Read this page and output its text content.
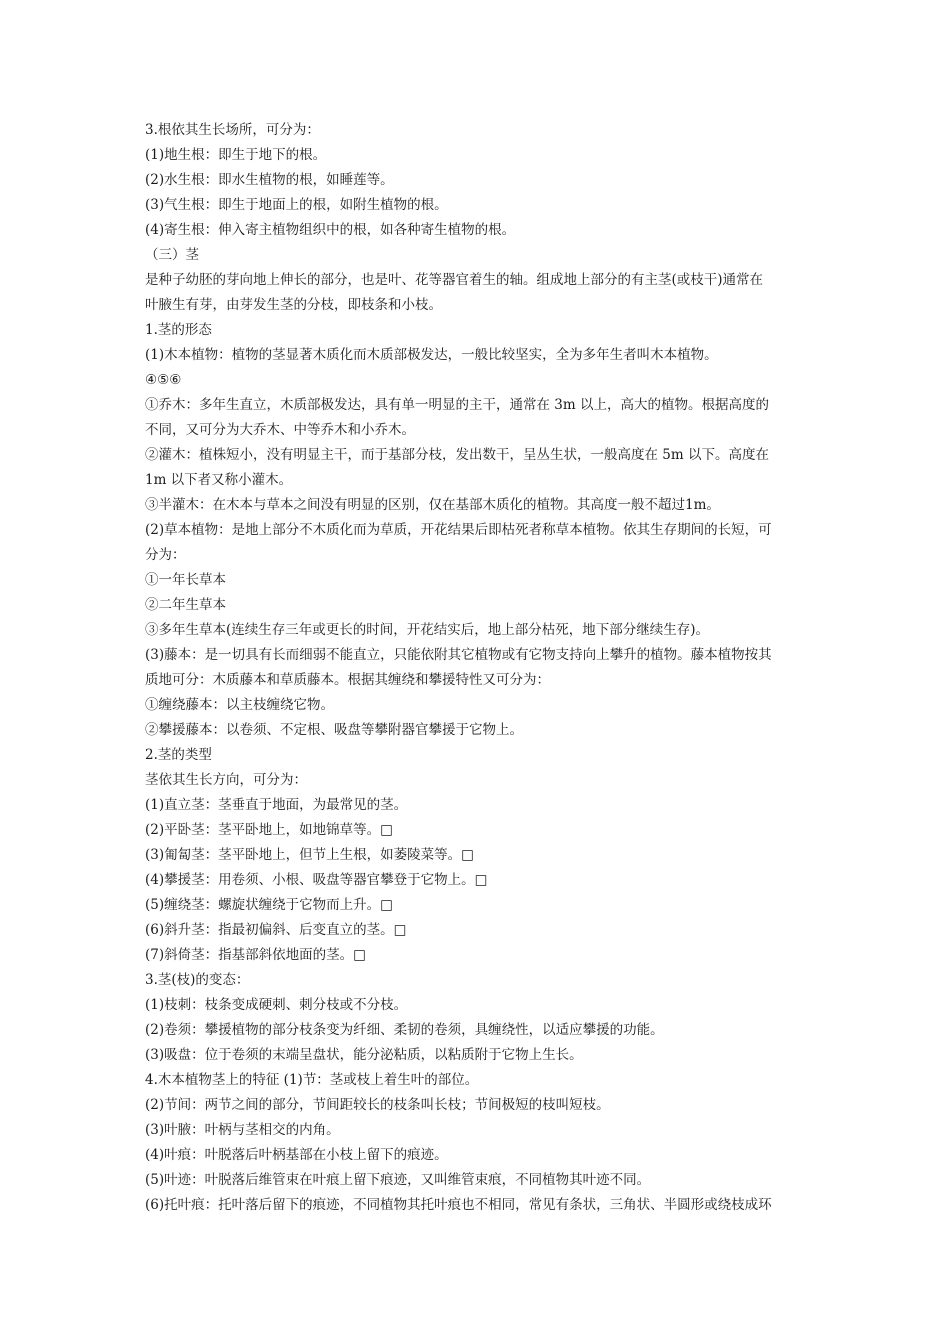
3.根依其生长场所，可分为：
(1)地生根：即生于地下的根。
(2)水生根：即水生植物的根，如睡莲等。
(3)气生根：即生于地面上的根，如附生植物的根。
(4)寄生根：伸入寄主植物组织中的根，如各种寄生植物的根。
（三）茎
是种子幼胚的芽向地上伸长的部分，也是叶、花等器官着生的轴。组成地上部分的有主茎(或枝干)通常在
叶腋生有芽，由芽发生茎的分枝，即枝条和小枝。
1.茎的形态
(1)木本植物：植物的茎显著木质化而木质部极发达，一般比较坚实，全为多年生者叫木本植物。
④⑤⑥
①乔木：多年生直立，木质部极发达，具有单一明显的主干，通常在 3m 以上，高大的植物。根据高度的
不同，又可分为大乔木、中等乔木和小乔木。
②灌木：植株短小，没有明显主干，而于基部分枝，发出数干，呈丛生状，一般高度在 5m 以下。高度在
1m 以下者又称小灌木。
③半灌木：在木本与草本之间没有明显的区别，仅在基部木质化的植物。其高度一般不超过1m。
(2)草本植物：是地上部分不木质化而为草质，开花结果后即枯死者称草本植物。依其生存期间的长短，可
分为：
①一年长草本
②二年生草本
③多年生草本(连续生存三年或更长的时间，开花结实后，地上部分枯死，地下部分继续生存)。
(3)藤本：是一切具有长而细弱不能直立，只能依附其它植物或有它物支持向上攀升的植物。藤本植物按其
质地可分：木质藤本和草质藤本。根据其缠绕和攀援特性又可分为：
①缠绕藤本：以主枝缠绕它物。
②攀援藤本：以卷须、不定根、吸盘等攀附器官攀援于它物上。
2.茎的类型
茎依其生长方向，可分为：
(1)直立茎：茎垂直于地面，为最常见的茎。
(2)平卧茎：茎平卧地上，如地锦草等。□
(3)匍匐茎：茎平卧地上，但节上生根，如萎陵菜等。□
(4)攀援茎：用卷须、小根、吸盘等器官攀登于它物上。□
(5)缠绕茎：螺旋状缠绕于它物而上升。□
(6)斜升茎：指最初偏斜、后变直立的茎。□
(7)斜倚茎：指基部斜依地面的茎。□
3.茎(枝)的变态：
(1)枝刺：枝条变成硬刺、刺分枝或不分枝。
(2)卷须：攀援植物的部分枝条变为纤细、柔韧的卷须，具缠绕性，以适应攀援的功能。
(3)吸盘：位于卷须的末端呈盘状，能分泌粘质，以粘质附于它物上生长。
4.木本植物茎上的特征 (1)节：茎或枝上着生叶的部位。
(2)节间：两节之间的部分，节间距较长的枝条叫长枝；节间极短的枝叫短枝。
(3)叶腋：叶柄与茎相交的内角。
(4)叶痕：叶脱落后叶柄基部在小枝上留下的痕迹。
(5)叶迹：叶脱落后维管束在叶痕上留下痕迹，又叫维管束痕，不同植物其叶迹不同。
(6)托叶痕：托叶落后留下的痕迹，不同植物其托叶痕也不相同，常见有条状，三角状、半圆形或绕枝成环
